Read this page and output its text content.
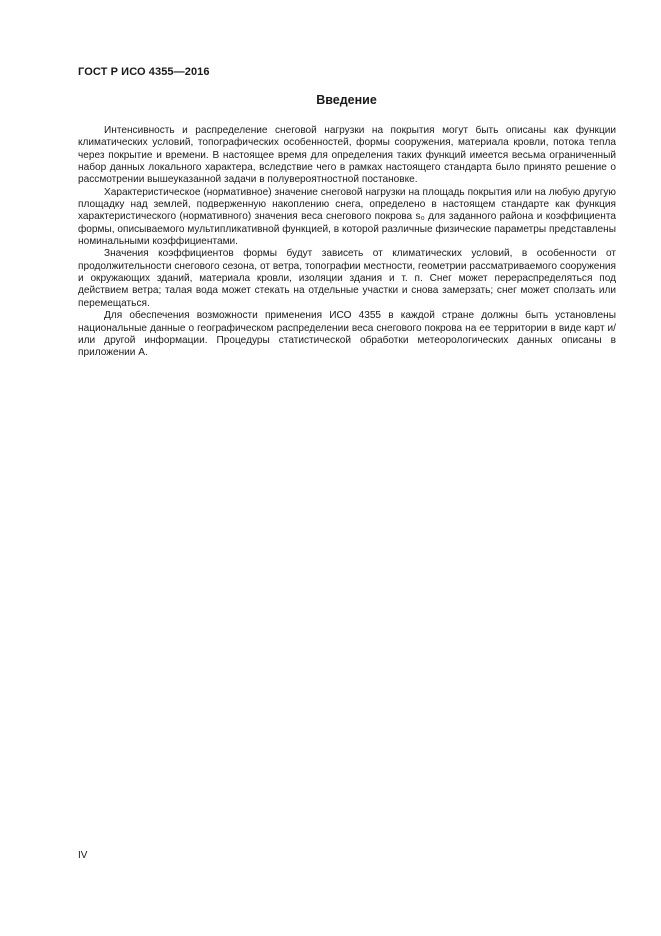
ГОСТ Р ИСО 4355—2016
Введение

Интенсивность и распределение снеговой нагрузки на покрытия могут быть описаны как функции климатических условий, топографических особенностей, формы сооружения, материала кровли, потока тепла через покрытие и времени. В настоящее время для определения таких функций имеется весьма ограниченный набор данных локального характера, вследствие чего в рамках настоящего стандарта было принято решение о рассмотрении вышеуказанной задачи в полувероятностной постановке.

Характеристическое (нормативное) значение снеговой нагрузки на площадь покрытия или на любую другую площадку над землей, подверженную накоплению снега, определено в настоящем стандарте как функция характеристического (нормативного) значения веса снегового покрова s₀ для заданного района и коэффициента формы, описываемого мультипликативной функцией, в которой различные физические параметры представлены номинальными коэффициентами.

Значения коэффициентов формы будут зависеть от климатических условий, в особенности от продолжительности снегового сезона, от ветра, топографии местности, геометрии рассматриваемого сооружения и окружающих зданий, материала кровли, изоляции здания и т. п. Снег может перераспределяться под действием ветра; талая вода может стекать на отдельные участки и снова замерзать; снег может сползать или перемещаться.

Для обеспечения возможности применения ИСО 4355 в каждой стране должны быть установлены национальные данные о географическом распределении веса снегового покрова на ее территории в виде карт и/или другой информации. Процедуры статистической обработки метеорологических данных описаны в приложении А.

IV
